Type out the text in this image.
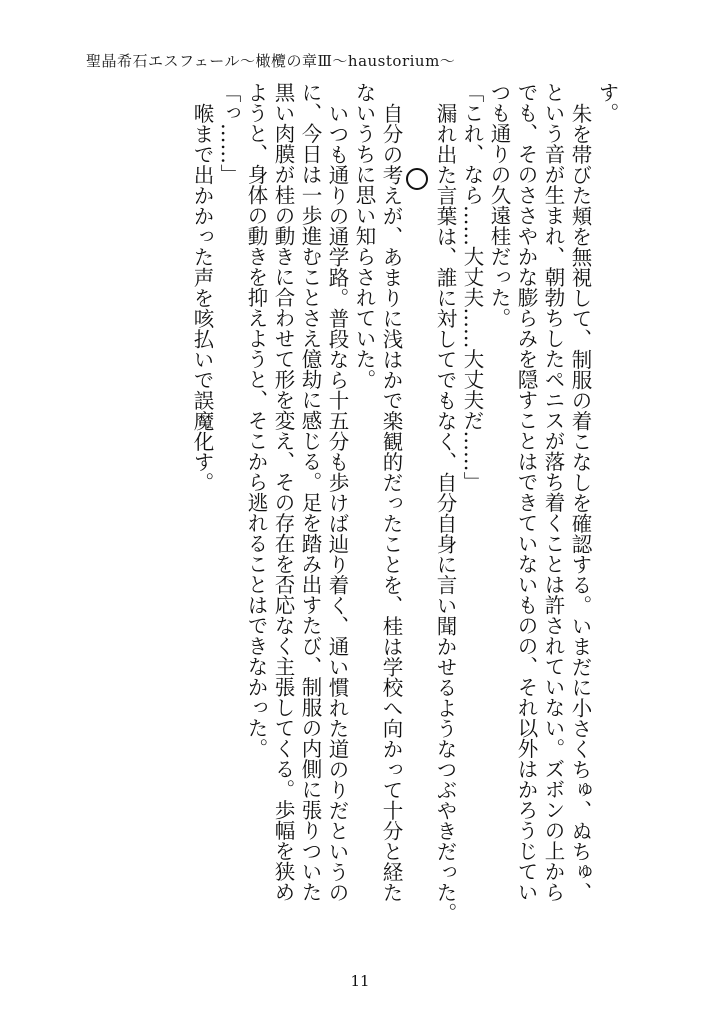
聖晶希石エスフェール〜橄欖の章Ⅲ〜haustorium〜
す。
朱を帯びた頬を無視して、制服の着こなしを確認する。いまだに小さくちゅ、ぬちゅ、
という音が生まれ、朝勃ちしたペニスが落ち着くことは許されていない。ズボンの上から
でも、そのささやかな膨らみを隠すことはできていないものの、それ以外はかろうじてい
つも通りの久遠桂だった。
「これ、なら……大丈夫……大丈夫だ……」
漏れ出た言葉は、誰に対してでもなく、自分自身に言い聞かせるようなつぶやきだった。
自分の考えが、あまりに浅はかで楽観的だったことを、桂は学校へ向かって十分と経た
ないうちに思い知らされていた。
いつも通りの通学路。普段なら十五分も歩けば辿り着く、通い慣れた道のりだというの
に、今日は一歩進むことさえ億劫に感じる。足を踏み出すたび、制服の内側に張りついた
黒い肉膜が桂の動きに合わせて形を変え、その存在を否応なく主張してくる。歩幅を狭め
ようと、身体の動きを抑えようと、そこから逃れることはできなかった。
「っ……」
喉まで出かかった声を咳払いで誤魔化す。
11
